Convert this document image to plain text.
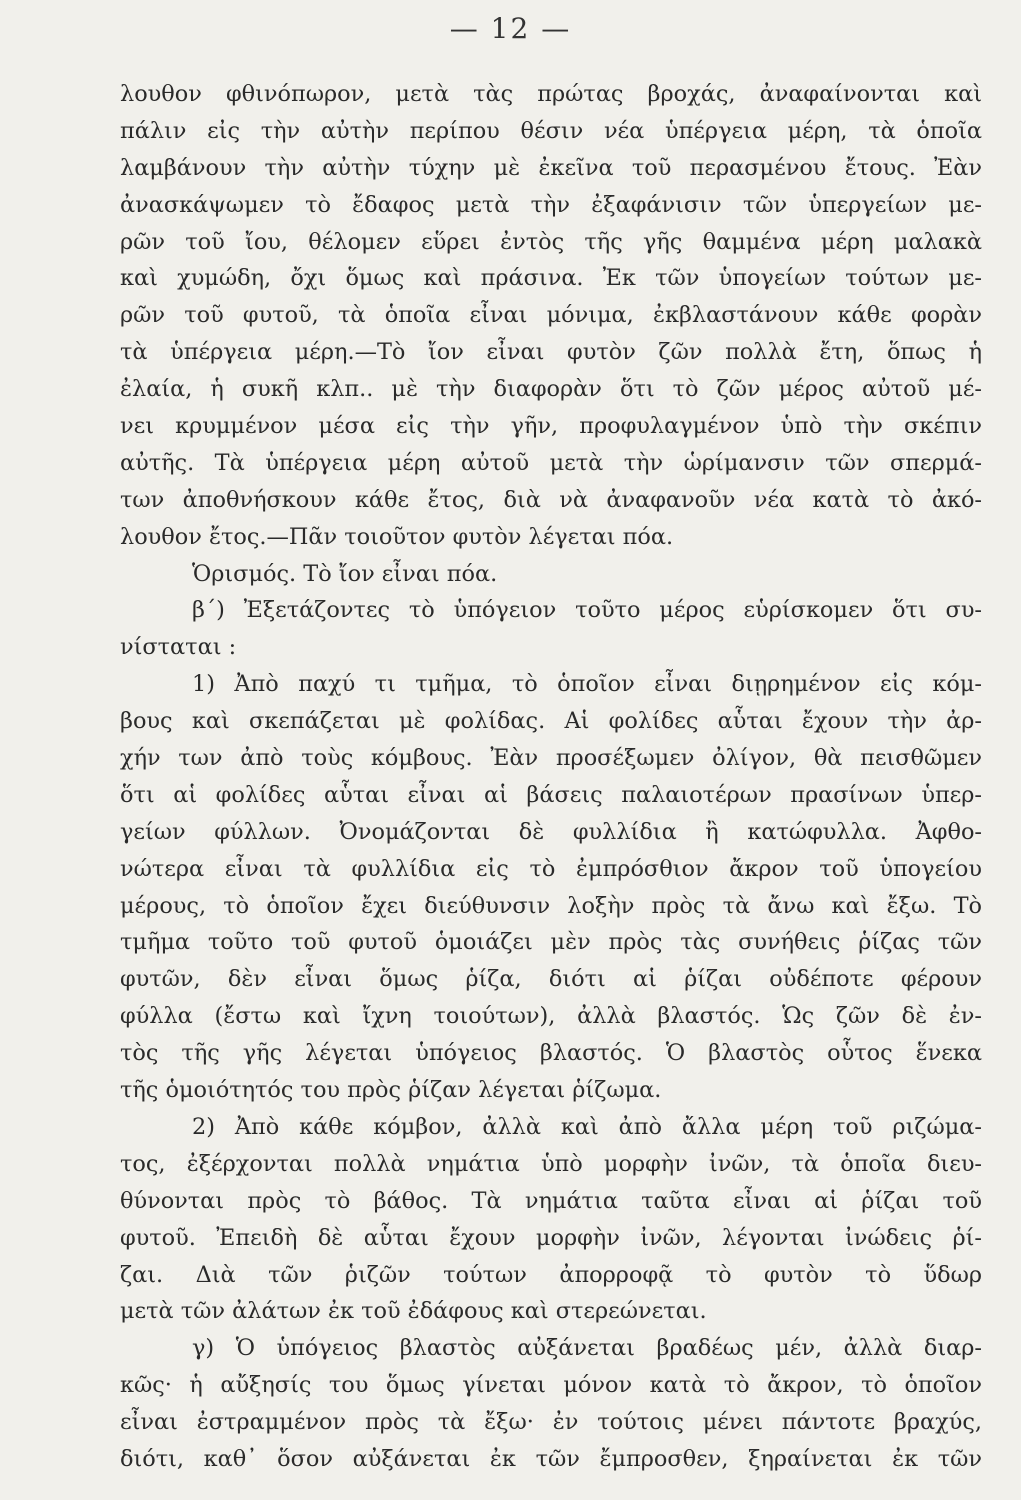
— 12 —
λουθον φθινόπωρον, μετὰ τὰς πρώτας βροχάς, ἀναφαίνονται καὶ
πάλιν εἰς τὴν αὐτὴν περίπου θέσιν νέα ὑπέργεια μέρη, τὰ ὁποῖα
λαμβάνουν τὴν αὐτὴν τύχην μὲ ἐκεῖνα τοῦ περασμένου ἔτους. Ἐὰν
ἀνασκάψωμεν τὸ ἔδαφος μετὰ τὴν ἐξαφάνισιν τῶν ὑπεργείων με-
ρῶν τοῦ ἴου, θέλομεν εὕρει ἐντὸς τῆς γῆς θαμμένα μέρη μαλακὰ
καὶ χυμώδη, ὄχι ὅμως καὶ πράσινα. Ἐκ τῶν ὑπογείων τούτων με-
ρῶν τοῦ φυτοῦ, τὰ ὁποῖα εἶναι μόνιμα, ἐκβλαστάνουν κάθε φορὰν
τὰ ὑπέργεια μέρη.—Τὸ ἴον εἶναι φυτὸν ζῶν πολλὰ ἔτη, ὅπως ἡ
ἐλαία, ἡ συκῆ κλπ.. μὲ τὴν διαφορὰν ὅτι τὸ ζῶν μέρος αὐτοῦ μέ-
νει κρυμμένον μέσα εἰς τὴν γῆν, προφυλαγμένον ὑπὸ τὴν σκέπιν
αὐτῆς. Τὰ ὑπέργεια μέρη αὐτοῦ μετὰ τὴν ὡρίμανσιν τῶν σπερμά-
των ἀποθνήσκουν κάθε ἔτος, διὰ νὰ ἀναφανοῦν νέα κατὰ τὸ ἀκό-
λουθον ἔτος.—Πᾶν τοιοῦτον φυτὸν λέγεται πόα.
Ὁρισμός. Τὸ ἴον εἶναι πόα.
β΄) Ἐξετάζοντες τὸ ὑπόγειον τοῦτο μέρος εὑρίσκομεν ὅτι συ-
νίσταται :
1) Ἀπὸ παχύ τι τμῆμα, τὸ ὁποῖον εἶναι διῃρημένον εἰς κόμ-
βους καὶ σκεπάζεται μὲ φολίδας. Αἱ φολίδες αὗται ἔχουν τὴν ἀρ-
χήν των ἀπὸ τοὺς κόμβους. Ἐὰν προσέξωμεν ὀλίγον, θὰ πεισθῶμεν
ὅτι αἱ φολίδες αὗται εἶναι αἱ βάσεις παλαιοτέρων πρασίνων ὑπερ-
γείων φύλλων. Ὀνομάζονται δὲ φυλλίδια ἢ κατώφυλλα. Ἀφθο-
νώτερα εἶναι τὰ φυλλίδια εἰς τὸ ἐμπρόσθιον ἄκρον τοῦ ὑπογείου
μέρους, τὸ ὁποῖον ἔχει διεύθυνσιν λοξὴν πρὸς τὰ ἄνω καὶ ἔξω. Τὸ
τμῆμα τοῦτο τοῦ φυτοῦ ὁμοιάζει μὲν πρὸς τὰς συνήθεις ῥίζας τῶν
φυτῶν, δὲν εἶναι ὅμως ῥίζα, διότι αἱ ῥίζαι οὐδέποτε φέρουν
φύλλα (ἔστω καὶ ἴχνη τοιούτων), ἀλλὰ βλαστός. Ὡς ζῶν δὲ ἐν-
τὸς τῆς γῆς λέγεται ὑπόγειος βλαστός. Ὁ βλαστὸς οὗτος ἕνεκα
τῆς ὁμοιότητός του πρὸς ῥίζαν λέγεται ῥίζωμα.
2) Ἀπὸ κάθε κόμβον, ἀλλὰ καὶ ἀπὸ ἄλλα μέρη τοῦ ριζώμα-
τος, ἐξέρχονται πολλὰ νημάτια ὑπὸ μορφὴν ἰνῶν, τὰ ὁποῖα διευ-
θύνονται πρὸς τὸ βάθος. Τὰ νημάτια ταῦτα εἶναι αἱ ῥίζαι τοῦ
φυτοῦ. Ἐπειδὴ δὲ αὗται ἔχουν μορφὴν ἰνῶν, λέγονται ἰνώδεις ῥί-
ζαι. Διὰ τῶν ῥιζῶν τούτων ἀπορροφᾷ τὸ φυτὸν τὸ ὕδωρ
μετὰ τῶν ἀλάτων ἐκ τοῦ ἐδάφους καὶ στερεώνεται.
γ) Ὁ ὑπόγειος βλαστὸς αὐξάνεται βραδέως μέν, ἀλλὰ διαρ-
κῶς· ἡ αὔξησίς του ὅμως γίνεται μόνον κατὰ τὸ ἄκρον, τὸ ὁποῖον
εἶναι ἐστραμμένον πρὸς τὰ ἔξω· ἐν τούτοις μένει πάντοτε βραχύς,
διότι, καθ᾽ ὅσον αὐξάνεται ἐκ τῶν ἔμπροσθεν, ξηραίνεται ἐκ τῶν
